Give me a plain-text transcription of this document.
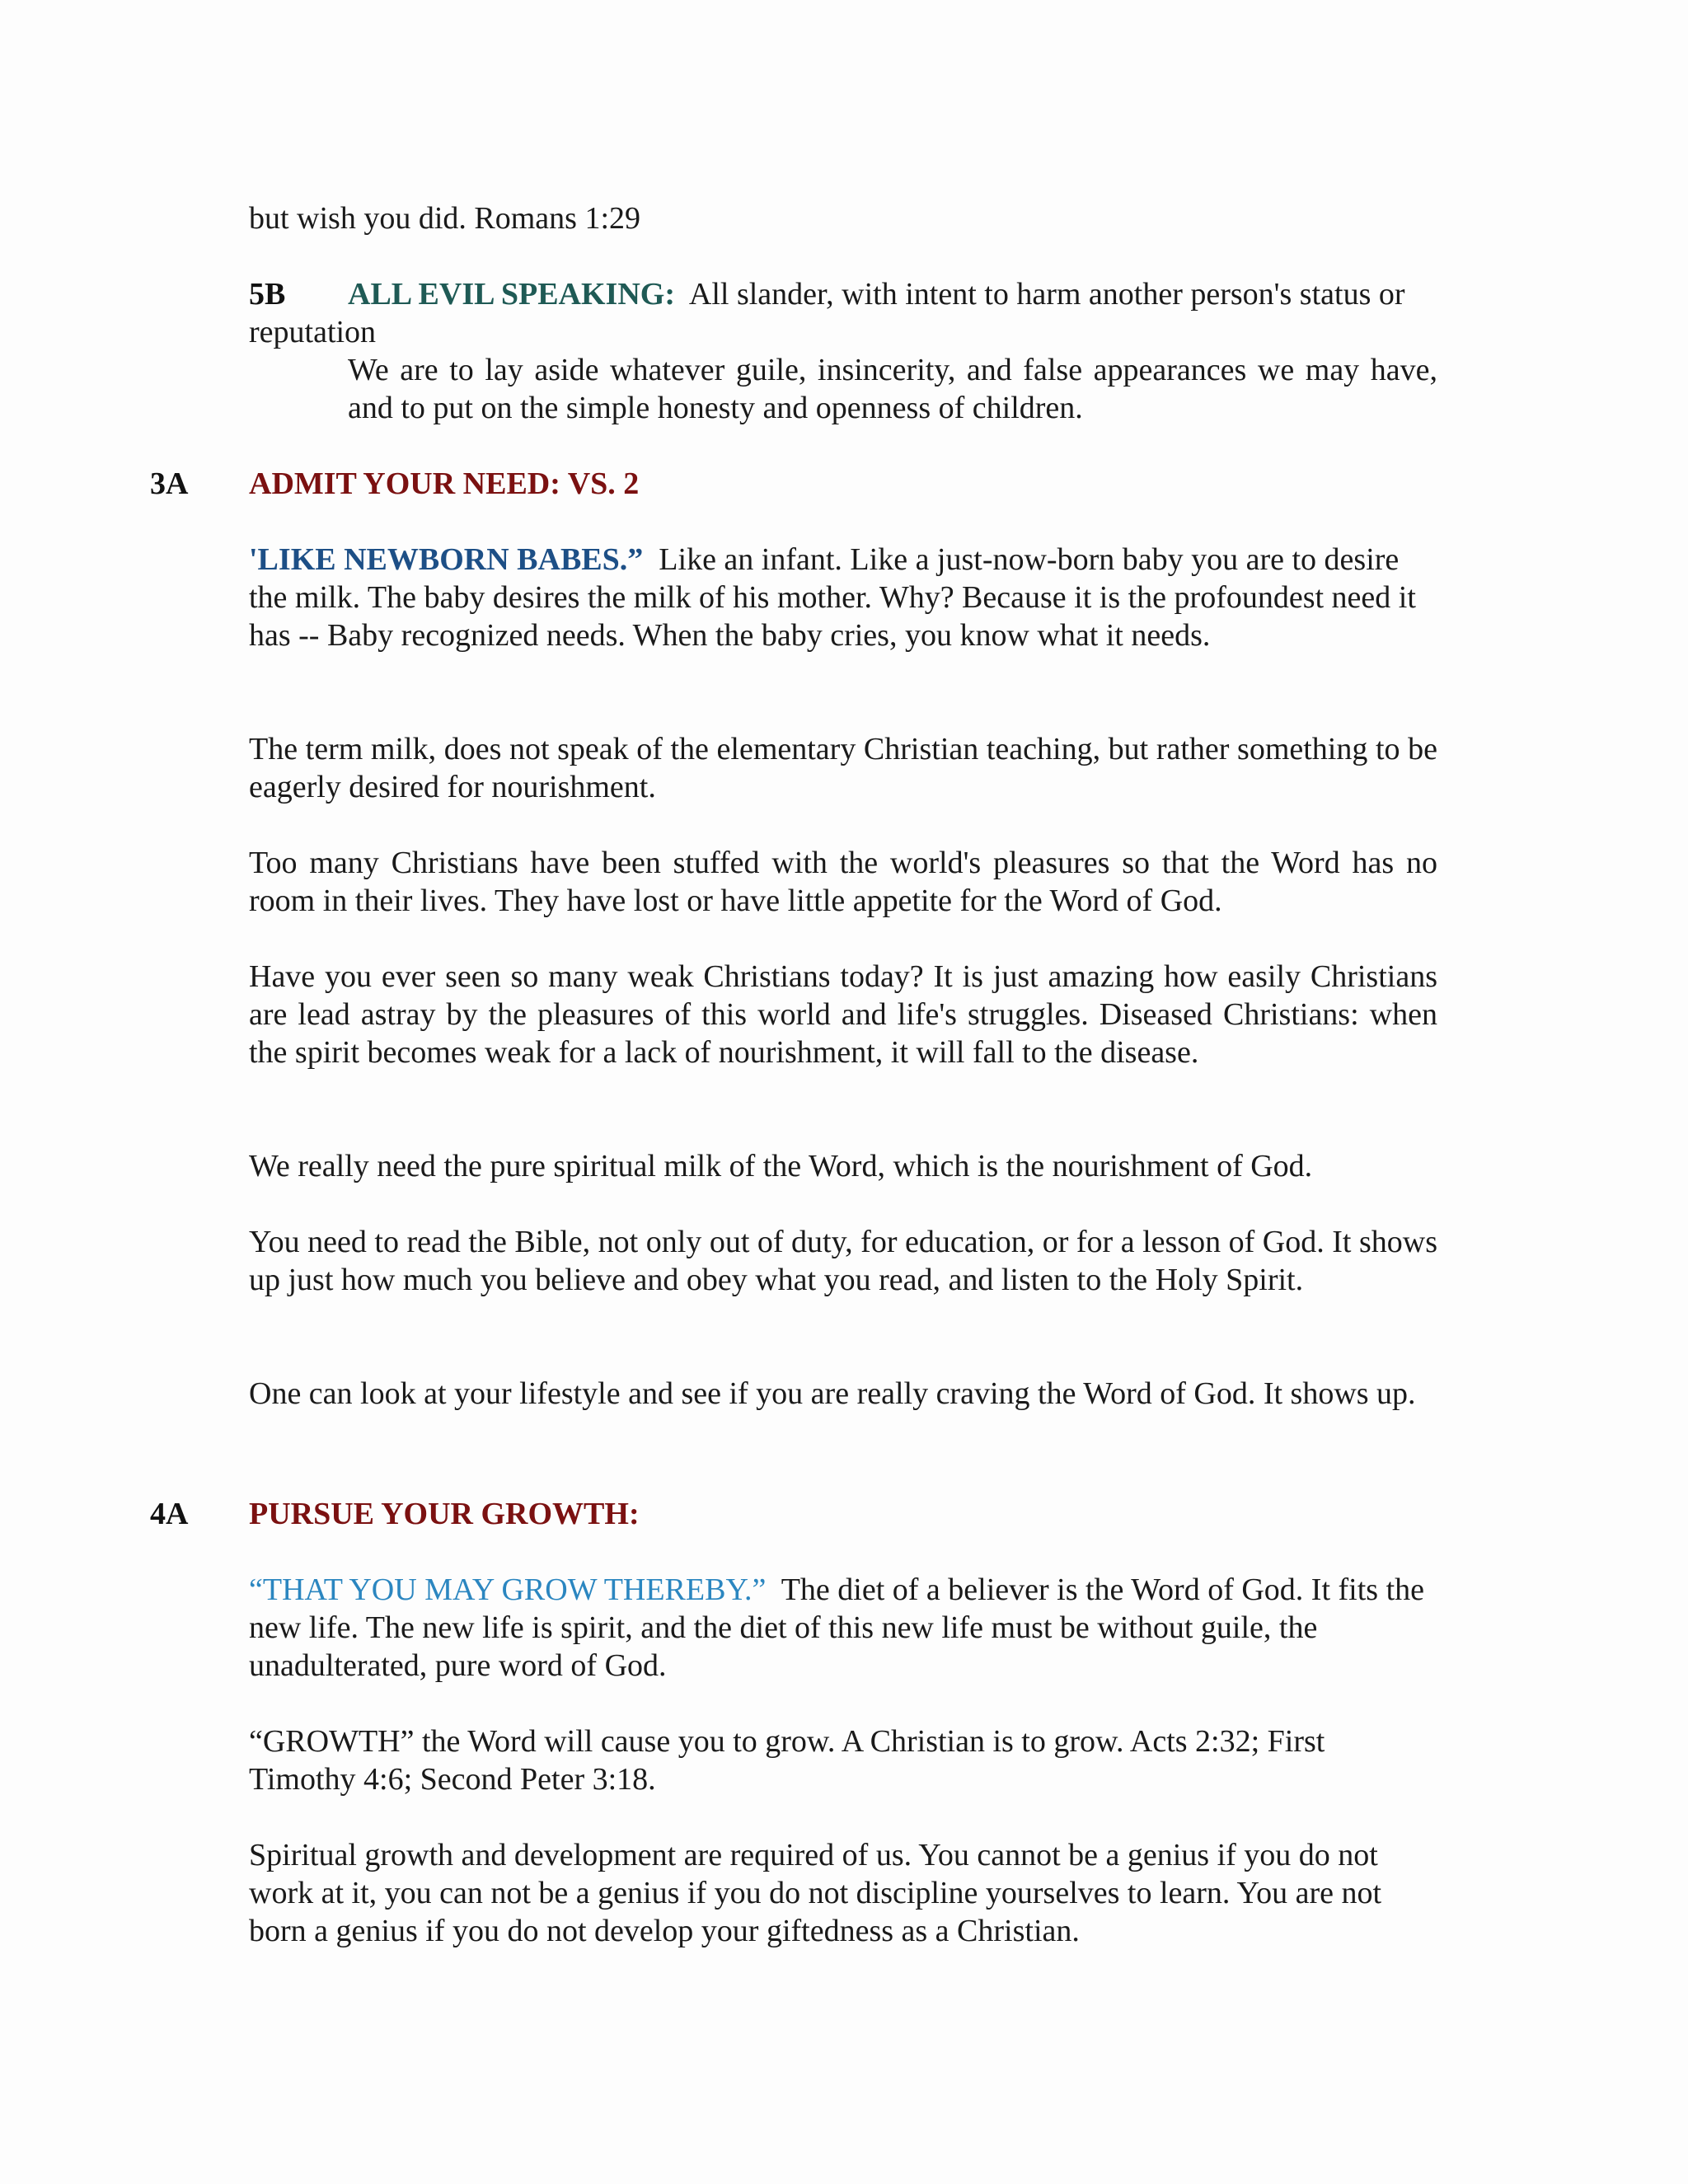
but wish you did. Romans 1:29
5B ALL EVIL SPEAKING: All slander, with intent to harm another person's status or reputation
We are to lay aside whatever guile, insincerity, and false appearances we may have, and to put on the simple honesty and openness of children.
3A ADMIT YOUR NEED: VS. 2
'LIKE NEWBORN BABES.” Like an infant. Like a just-now-born baby you are to desire the milk. The baby desires the milk of his mother. Why? Because it is the profoundest need it has -- Baby recognized needs. When the baby cries, you know what it needs.
The term milk, does not speak of the elementary Christian teaching, but rather something to be eagerly desired for nourishment.
Too many Christians have been stuffed with the world's pleasures so that the Word has no room in their lives. They have lost or have little appetite for the Word of God.
Have you ever seen so many weak Christians today? It is just amazing how easily Christians are lead astray by the pleasures of this world and life's struggles. Diseased Christians: when the spirit becomes weak for a lack of nourishment, it will fall to the disease.
We really need the pure spiritual milk of the Word, which is the nourishment of God.
You need to read the Bible, not only out of duty, for education, or for a lesson of God. It shows up just how much you believe and obey what you read, and listen to the Holy Spirit.
One can look at your lifestyle and see if you are really craving the Word of God. It shows up.
4A PURSUE YOUR GROWTH:
“THAT YOU MAY GROW THEREBY.” The diet of a believer is the Word of God. It fits the new life. The new life is spirit, and the diet of this new life must be without guile, the unadulterated, pure word of God.
“GROWTH” the Word will cause you to grow. A Christian is to grow. Acts 2:32; First Timothy 4:6; Second Peter 3:18.
Spiritual growth and development are required of us. You cannot be a genius if you do not work at it, you can not be a genius if you do not discipline yourselves to learn. You are not born a genius if you do not develop your giftedness as a Christian.
